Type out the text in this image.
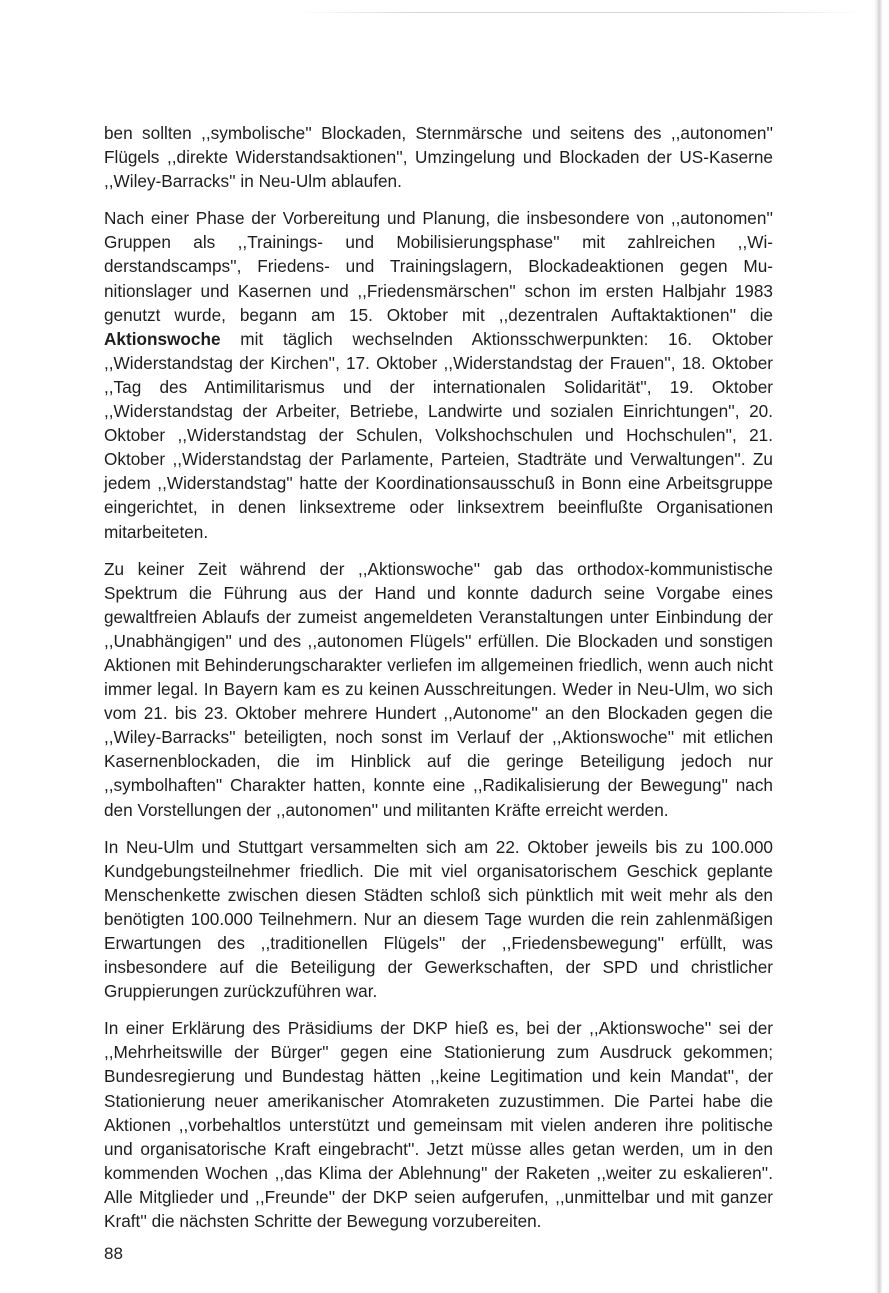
ben sollten ,,symbolische'' Blockaden, Sternmärsche und seitens des ,,autonomen'' Flügels ,,direkte Widerstandsaktionen'', Umzingelung und Blockaden der US-Kaserne ,,Wiley-Barracks'' in Neu-Ulm ablaufen.

Nach einer Phase der Vorbereitung und Planung, die insbesondere von ,,autonomen'' Gruppen als ,,Trainings- und Mobilisierungsphase'' mit zahlreichen ,,Widerstandscamps'', Friedens- und Trainingslagern, Blockadeaktionen gegen Munitionslager und Kasernen und ,,Friedensmärschen'' schon im ersten Halbjahr 1983 genutzt wurde, begann am 15. Oktober mit ,,dezentralen Auftaktaktionen'' die Aktionswoche mit täglich wechselnden Aktionsschwerpunkten: 16. Oktober ,,Widerstandstag der Kirchen'', 17. Oktober ,,Widerstandstag der Frauen'', 18. Oktober ,,Tag des Antimilitarismus und der internationalen Solidarität'', 19. Oktober ,,Widerstandstag der Arbeiter, Betriebe, Landwirte und sozialen Einrichtungen'', 20. Oktober ,,Widerstandstag der Schulen, Volkshochschulen und Hochschulen'', 21. Oktober ,,Widerstandstag der Parlamente, Parteien, Stadträte und Verwaltungen''. Zu jedem ,,Widerstandstag'' hatte der Koordinationsausschuß in Bonn eine Arbeitsgruppe eingerichtet, in denen linksextreme oder linksextrem beeinflußte Organisationen mitarbeiteten.

Zu keiner Zeit während der ,,Aktionswoche'' gab das orthodox-kommunistische Spektrum die Führung aus der Hand und konnte dadurch seine Vorgabe eines gewaltfreien Ablaufs der zumeist angemeldeten Veranstaltungen unter Einbindung der ,,Unabhängigen'' und des ,,autonomen Flügels'' erfüllen. Die Blockaden und sonstigen Aktionen mit Behinderungscharakter verliefen im allgemeinen friedlich, wenn auch nicht immer legal. In Bayern kam es zu keinen Ausschreitungen. Weder in Neu-Ulm, wo sich vom 21. bis 23. Oktober mehrere Hundert ,,Autonome'' an den Blockaden gegen die ,,Wiley-Barracks'' beteiligten, noch sonst im Verlauf der ,,Aktionswoche'' mit etlichen Kasernenblockaden, die im Hinblick auf die geringe Beteiligung jedoch nur ,,symbolhaften'' Charakter hatten, konnte eine ,,Radikalisierung der Bewegung'' nach den Vorstellungen der ,,autonomen'' und militanten Kräfte erreicht werden.

In Neu-Ulm und Stuttgart versammelten sich am 22. Oktober jeweils bis zu 100.000 Kundgebungsteilnehmer friedlich. Die mit viel organisatorischem Geschick geplante Menschenkette zwischen diesen Städten schloß sich pünktlich mit weit mehr als den benötigten 100.000 Teilnehmern. Nur an diesem Tage wurden die rein zahlenmäßigen Erwartungen des ,,traditionellen Flügels'' der ,,Friedensbewegung'' erfüllt, was insbesondere auf die Beteiligung der Gewerkschaften, der SPD und christlicher Gruppierungen zurückzuführen war.

In einer Erklärung des Präsidiums der DKP hieß es, bei der ,,Aktionswoche'' sei der ,,Mehrheitswille der Bürger'' gegen eine Stationierung zum Ausdruck gekommen; Bundesregierung und Bundestag hätten ,,keine Legitimation und kein Mandat'', der Stationierung neuer amerikanischer Atomraketen zuzustimmen. Die Partei habe die Aktionen ,,vorbehaltlos unterstützt und gemeinsam mit vielen anderen ihre politische und organisatorische Kraft eingebracht''. Jetzt müsse alles getan werden, um in den kommenden Wochen ,,das Klima der Ablehnung'' der Raketen ,,weiter zu eskalieren''. Alle Mitglieder und ,,Freunde'' der DKP seien aufgerufen, ,,unmittelbar und mit ganzer Kraft'' die nächsten Schritte der Bewegung vorzubereiten.

88
